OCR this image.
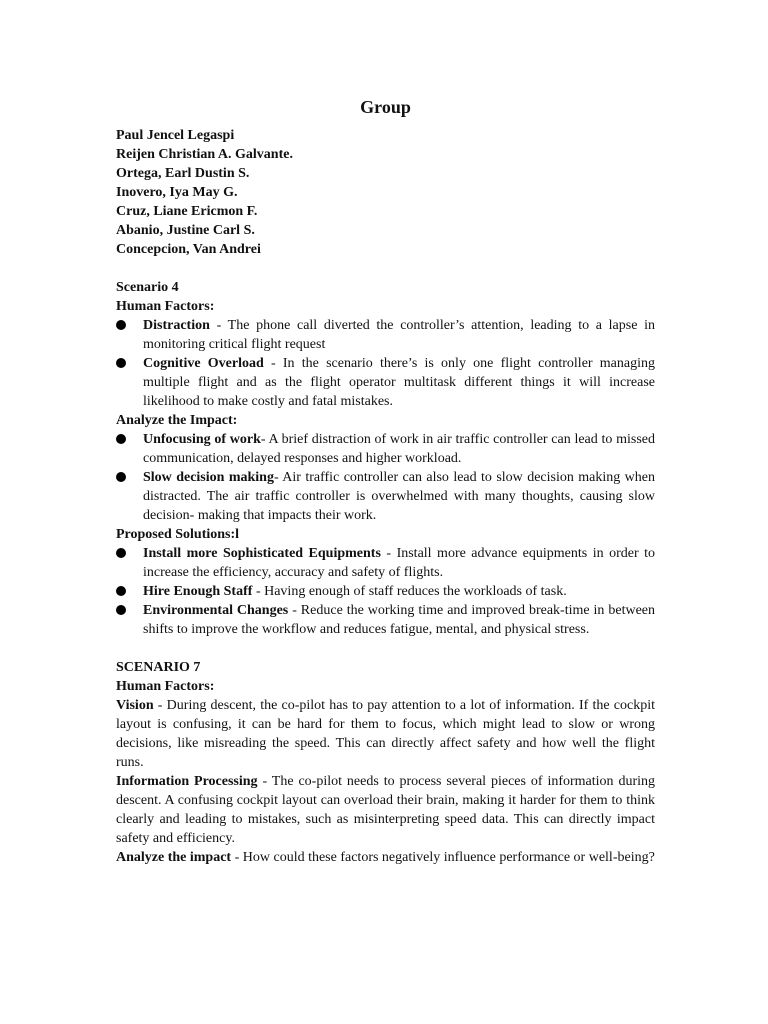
Group
Paul Jencel Legaspi
Reijen Christian A. Galvante.
Ortega, Earl Dustin S.
Inovero, Iya May G.
Cruz, Liane Ericmon F.
Abanio, Justine Carl S.
Concepcion, Van Andrei
Scenario 4
Human Factors:
Distraction - The phone call diverted the controller’s attention, leading to a lapse in monitoring critical flight request
Cognitive Overload - In the scenario there’s is only one flight controller managing multiple flight and as the flight operator multitask different things it will increase likelihood to make costly and fatal mistakes.
Analyze the Impact:
Unfocusing of work- A brief distraction of work in air traffic controller can lead to missed communication, delayed responses and higher workload.
Slow decision making- Air traffic controller can also lead to slow decision making when distracted. The air traffic controller is overwhelmed with many thoughts, causing slow decision- making that impacts their work.
Proposed Solutions:l
Install more Sophisticated Equipments - Install more advance equipments in order to increase the efficiency, accuracy and safety of flights.
Hire Enough Staff - Having enough of staff reduces the workloads of task.
Environmental Changes - Reduce the working time and improved break-time in between shifts to improve the workflow and reduces fatigue, mental, and physical stress.
SCENARIO 7
Human Factors:

Vision - During descent, the co-pilot has to pay attention to a lot of information. If the cockpit layout is confusing, it can be hard for them to focus, which might lead to slow or wrong decisions, like misreading the speed. This can directly affect safety and how well the flight runs.

Information Processing - The co-pilot needs to process several pieces of information during descent. A confusing cockpit layout can overload their brain, making it harder for them to think clearly and leading to mistakes, such as misinterpreting speed data. This can directly impact safety and efficiency.

Analyze the impact - How could these factors negatively influence performance or well-being?
